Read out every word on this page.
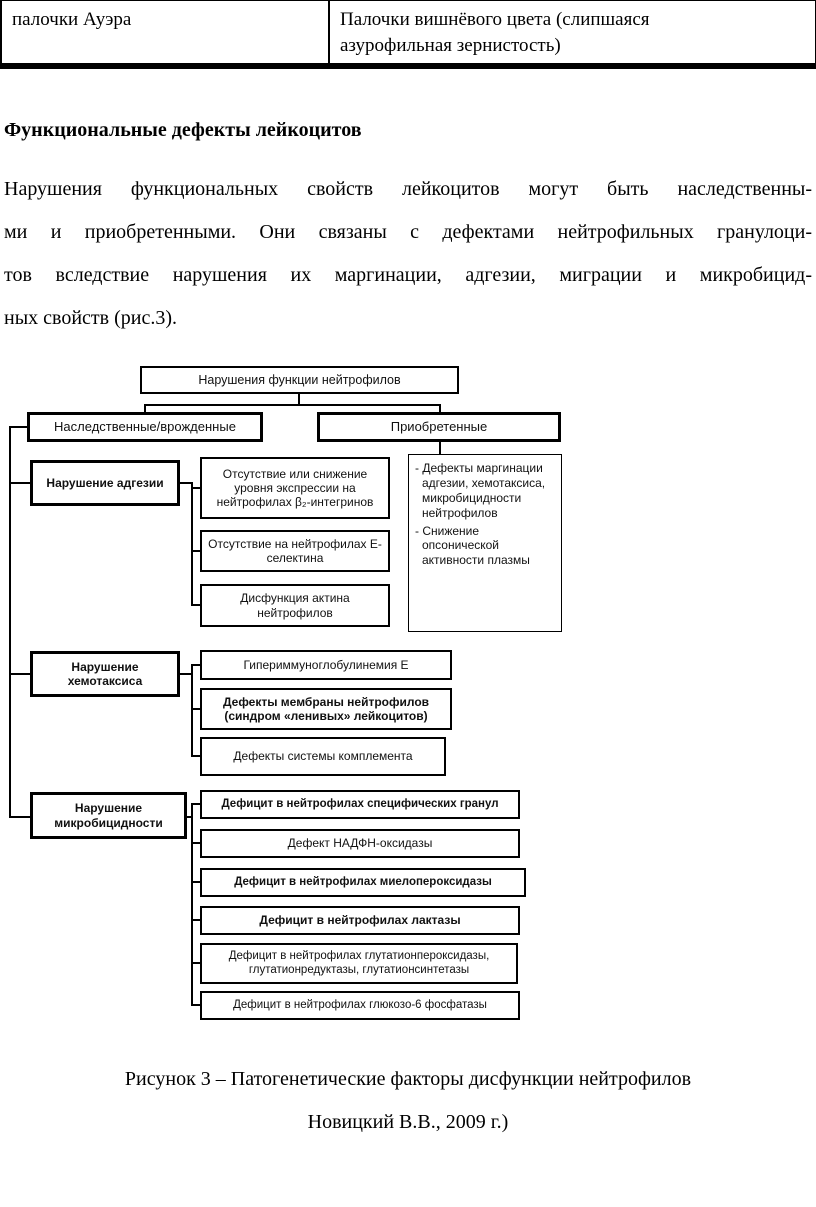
палочки Ауэра	Палочки вишнёвого цвета (слипшаяся азурофильная зернистость)
Функциональные дефекты лейкоцитов
Нарушения функциональных свойств лейкоцитов могут быть наследственны-
ми и приобретенными. Они связаны с дефектами нейтрофильных гранулоци-
тов вследствие нарушения их маргинации, адгезии, миграции и микробицид-
ных свойств (рис.3).
Нарушения функции нейтрофилов
Наследственные/врожденные	Приобретенные
Нарушение адгезии
Нарушение хемотаксиса
Нарушение микробицидности
Отсутствие или снижение уровня экспрессии на нейтрофилах β₂-интегринов
Отсутствие на нейтрофилах Е-селектина
Дисфункция актина нейтрофилов
- Дефекты маргинации адгезии, хемотаксиса, микробицидности нейтрофилов
- Снижение опсонической активности плазмы
Гипериммуноглобулинемия Е
Дефекты мембраны нейтрофилов (синдром «ленивых» лейкоцитов)
Дефекты системы комплемента
Дефицит в нейтрофилах специфических гранул
Дефект НАДФН-оксидазы
Дефицит в нейтрофилах миелопероксидазы
Дефицит в нейтрофилах лактазы
Дефицит в нейтрофилах глутатионпероксидазы, глутатионредуктазы, глутатионсинтетазы
Дефицит в нейтрофилах глюкозо-6 фосфатазы
Рисунок 3 – Патогенетические факторы дисфункции нейтрофилов
Новицкий В.В., 2009 г.)
